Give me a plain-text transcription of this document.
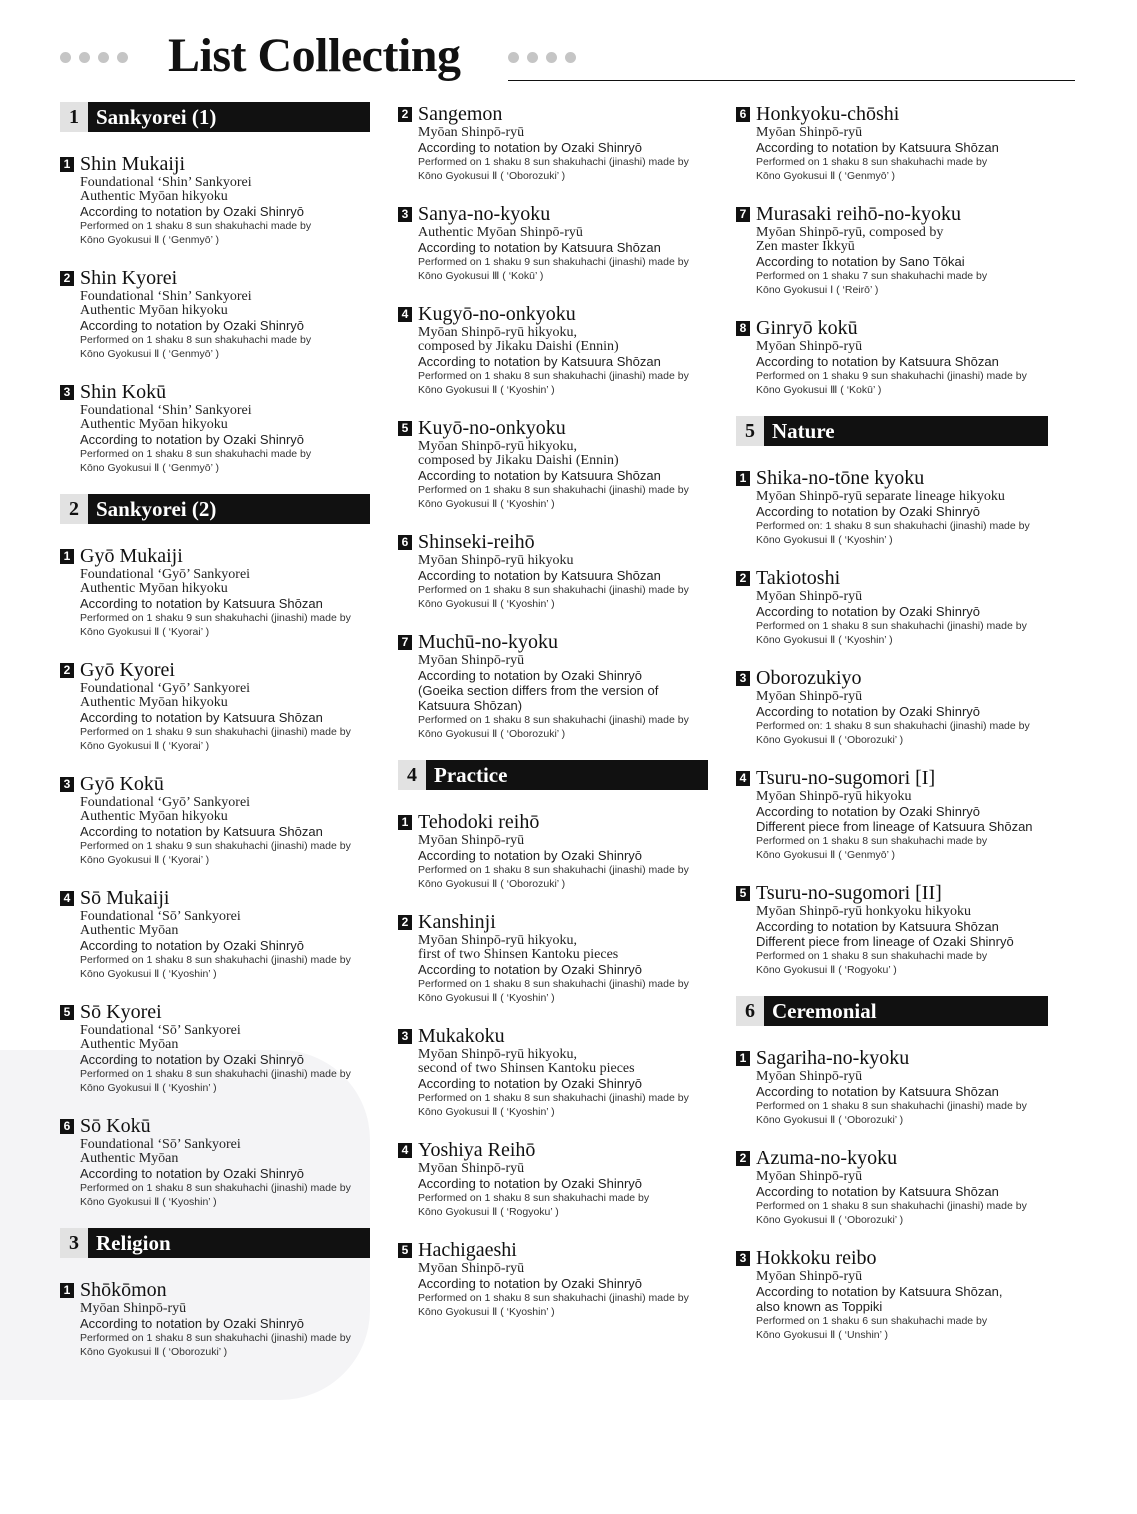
List Collecting
1 Sankyorei (1)
1 Shin Mukaiji
Foundational ‘Shin’ Sankyorei
Authentic Myōan hikyoku
According to notation by Ozaki Shinryō
Performed on 1 shaku 8 sun shakuhachi made by
Kōno Gyokusui Ⅱ ( ‘Genmyō’ )
2 Shin Kyorei
Foundational ‘Shin’ Sankyorei
Authentic Myōan hikyoku
According to notation by Ozaki Shinryō
Performed on 1 shaku 8 sun shakuhachi made by
Kōno Gyokusui Ⅱ ( ‘Genmyō’ )
3 Shin Kokū
Foundational ‘Shin’ Sankyorei
Authentic Myōan hikyoku
According to notation by Ozaki Shinryō
Performed on 1 shaku 8 sun shakuhachi made by
Kōno Gyokusui Ⅱ ( ‘Genmyō’ )
2 Sankyorei (2)
1 Gyō Mukaiji
Foundational ‘Gyō’ Sankyorei
Authentic Myōan hikyoku
According to notation by Katsuura Shōzan
Performed on 1 shaku 9 sun shakuhachi (jinashi) made by
Kōno Gyokusui Ⅱ ( ‘Kyorai’ )
2 Gyō Kyorei
Foundational ‘Gyō’ Sankyorei
Authentic Myōan hikyoku
According to notation by Katsuura Shōzan
Performed on 1 shaku 9 sun shakuhachi (jinashi) made by
Kōno Gyokusui Ⅱ ( ‘Kyorai’ )
3 Gyō Kokū
Foundational ‘Gyō’ Sankyorei
Authentic Myōan hikyoku
According to notation by Katsuura Shōzan
Performed on 1 shaku 9 sun shakuhachi (jinashi) made by
Kōno Gyokusui Ⅱ ( ‘Kyorai’ )
4 Sō Mukaiji
Foundational ‘Sō’ Sankyorei
Authentic Myōan
According to notation by Ozaki Shinryō
Performed on 1 shaku 8 sun shakuhachi (jinashi) made by
Kōno Gyokusui Ⅱ ( ‘Kyoshin’ )
5 Sō Kyorei
Foundational ‘Sō’ Sankyorei
Authentic Myōan
According to notation by Ozaki Shinryō
Performed on 1 shaku 8 sun shakuhachi (jinashi) made by
Kōno Gyokusui Ⅱ ( ‘Kyoshin’ )
6 Sō Kokū
Foundational ‘Sō’ Sankyorei
Authentic Myōan
According to notation by Ozaki Shinryō
Performed on 1 shaku 8 sun shakuhachi (jinashi) made by
Kōno Gyokusui Ⅱ ( ‘Kyoshin’ )
3 Religion
1 Shōkōmon
Myōan Shinpō-ryū
According to notation by Ozaki Shinryō
Performed on 1 shaku 8 sun shakuhachi (jinashi) made by
Kōno Gyokusui Ⅱ ( ‘Oborozuki’ )
2 Sangemon
Myōan Shinpō-ryū
According to notation by Ozaki Shinryō
Performed on 1 shaku 8 sun shakuhachi (jinashi) made by
Kōno Gyokusui Ⅱ ( ‘Oborozuki’ )
3 Sanya-no-kyoku
Authentic Myōan Shinpō-ryū
According to notation by Katsuura Shōzan
Performed on 1 shaku 9 sun shakuhachi (jinashi) made by
Kōno Gyokusui Ⅲ ( ‘Kokū’ )
4 Kugyō-no-onkyoku
Myōan Shinpō-ryū hikyoku,
composed by Jikaku Daishi (Ennin)
According to notation by Katsuura Shōzan
Performed on 1 shaku 8 sun shakuhachi (jinashi) made by
Kōno Gyokusui Ⅱ ( ‘Kyoshin’ )
5 Kuyō-no-onkyoku
Myōan Shinpō-ryū hikyoku,
composed by Jikaku Daishi (Ennin)
According to notation by Katsuura Shōzan
Performed on 1 shaku 8 sun shakuhachi (jinashi) made by
Kōno Gyokusui Ⅱ ( ‘Kyoshin’ )
6 Shinseki-reihō
Myōan Shinpō-ryū hikyoku
According to notation by Katsuura Shōzan
Performed on 1 shaku 8 sun shakuhachi (jinashi) made by
Kōno Gyokusui Ⅱ ( ‘Kyoshin’ )
7 Muchū-no-kyoku
Myōan Shinpō-ryū
According to notation by Ozaki Shinryō
(Goeika section differs from the version of
Katsuura Shōzan)
Performed on 1 shaku 8 sun shakuhachi (jinashi) made by
Kōno Gyokusui Ⅱ ( ‘Oborozuki’ )
4 Practice
1 Tehodoki reihō
Myōan Shinpō-ryū
According to notation by Ozaki Shinryō
Performed on 1 shaku 8 sun shakuhachi (jinashi) made by
Kōno Gyokusui Ⅱ ( ‘Oborozuki’ )
2 Kanshinji
Myōan Shinpō-ryū hikyoku,
first of two Shinsen Kantoku pieces
According to notation by Ozaki Shinryō
Performed on 1 shaku 8 sun shakuhachi (jinashi) made by
Kōno Gyokusui Ⅱ ( ‘Kyoshin’ )
3 Mukakoku
Myōan Shinpō-ryū hikyoku,
second of two Shinsen Kantoku pieces
According to notation by Ozaki Shinryō
Performed on 1 shaku 8 sun shakuhachi (jinashi) made by
Kōno Gyokusui Ⅱ ( ‘Kyoshin’ )
4 Yoshiya Reihō
Myōan Shinpō-ryū
According to notation by Ozaki Shinryō
Performed on 1 shaku 8 sun shakuhachi made by
Kōno Gyokusui Ⅱ ( ‘Rogyoku’ )
5 Hachigaeshi
Myōan Shinpō-ryū
According to notation by Ozaki Shinryō
Performed on 1 shaku 8 sun shakuhachi (jinashi) made by
Kōno Gyokusui Ⅱ ( ‘Kyoshin’ )
6 Honkyoku-chōshi
Myōan Shinpō-ryū
According to notation by Katsuura Shōzan
Performed on 1 shaku 8 sun shakuhachi made by
Kōno Gyokusui Ⅱ ( ‘Genmyō’ )
7 Murasaki reihō-no-kyoku
Myōan Shinpō-ryū, composed by
Zen master Ikkyū
According to notation by Sano Tōkai
Performed on 1 shaku 7 sun shakuhachi made by
Kōno Gyokusui Ⅰ ( ‘Reirō’ )
8 Ginryō kokū
Myōan Shinpō-ryū
According to notation by Katsuura Shōzan
Performed on 1 shaku 9 sun shakuhachi (jinashi) made by
Kōno Gyokusui Ⅲ ( ‘Kokū’ )
5 Nature
1 Shika-no-tōne kyoku
Myōan Shinpō-ryū separate lineage hikyoku
According to notation by Ozaki Shinryō
Performed on: 1 shaku 8 sun shakuhachi (jinashi) made by
Kōno Gyokusui Ⅱ ( ‘Kyoshin’ )
2 Takiotoshi
Myōan Shinpō-ryū
According to notation by Ozaki Shinryō
Performed on 1 shaku 8 sun shakuhachi (jinashi) made by
Kōno Gyokusui Ⅱ ( ‘Kyoshin’ )
3 Oborozukiyo
Myōan Shinpō-ryū
According to notation by Ozaki Shinryō
Performed on: 1 shaku 8 sun shakuhachi (jinashi) made by
Kōno Gyokusui Ⅱ ( ‘Oborozuki’ )
4 Tsuru-no-sugomori [I]
Myōan Shinpō-ryū hikyoku
According to notation by Ozaki Shinryō
Different piece from lineage of Katsuura Shōzan
Performed on 1 shaku 8 sun shakuhachi made by
Kōno Gyokusui Ⅱ ( ‘Genmyō’ )
5 Tsuru-no-sugomori [II]
Myōan Shinpō-ryū honkyoku hikyoku
According to notation by Katsuura Shōzan
Different piece from lineage of Ozaki Shinryō
Performed on 1 shaku 8 sun shakuhachi made by
Kōno Gyokusui Ⅱ ( ‘Rogyoku’ )
6 Ceremonial
1 Sagariha-no-kyoku
Myōan Shinpō-ryū
According to notation by Katsuura Shōzan
Performed on 1 shaku 8 sun shakuhachi (jinashi) made by
Kōno Gyokusui Ⅱ ( ‘Oborozuki’ )
2 Azuma-no-kyoku
Myōan Shinpō-ryū
According to notation by Katsuura Shōzan
Performed on 1 shaku 8 sun shakuhachi (jinashi) made by
Kōno Gyokusui Ⅱ ( ‘Oborozuki’ )
3 Hokkoku reibo
Myōan Shinpō-ryū
According to notation by Katsuura Shōzan,
also known as Toppiki
Performed on 1 shaku 6 sun shakuhachi made by
Kōno Gyokusui Ⅱ ( ‘Unshin’ )
